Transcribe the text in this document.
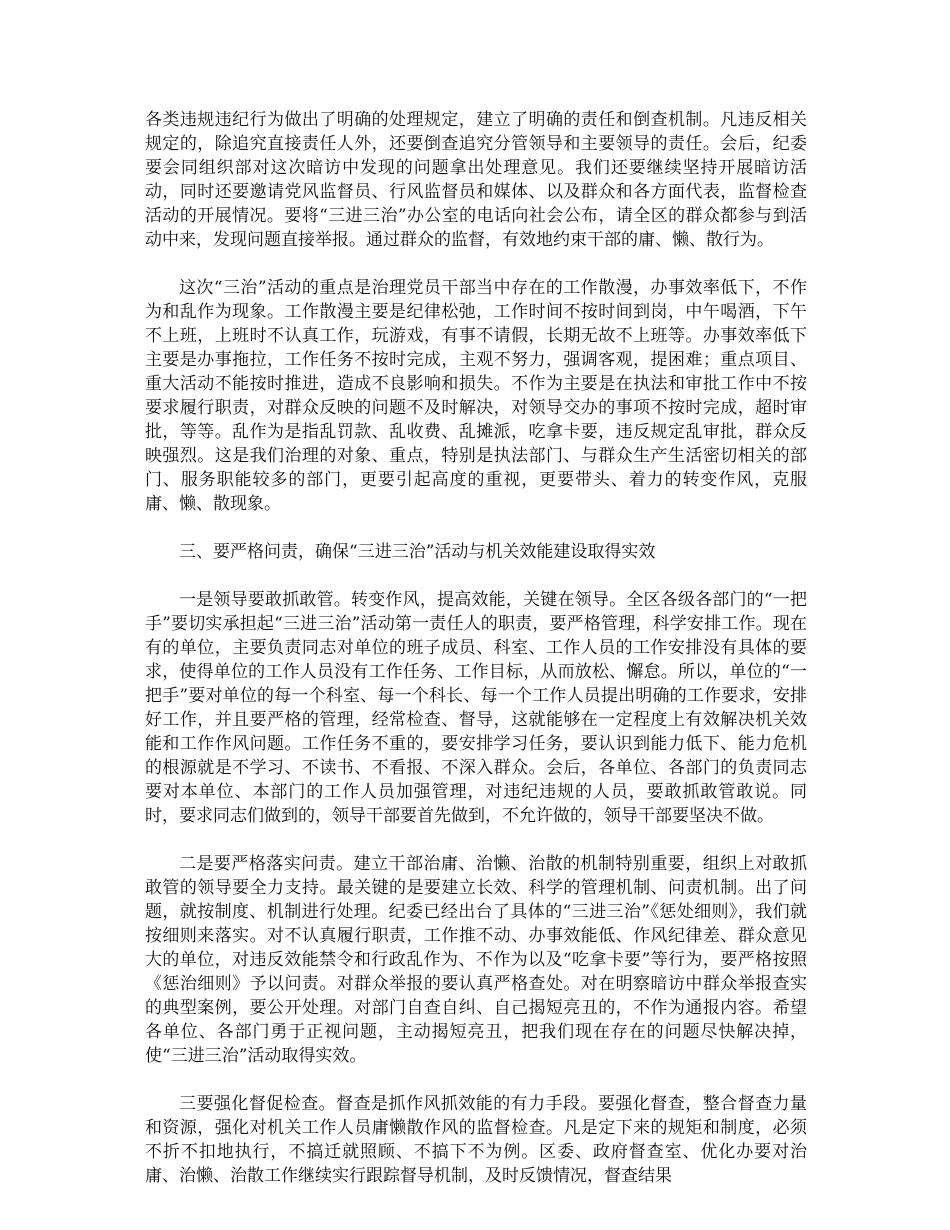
各类违规违纪行为做出了明确的处理规定，建立了明确的责任和倒查机制。凡违反相关规定的，除追究直接责任人外，还要倒查追究分管领导和主要领导的责任。会后，纪委要会同组织部对这次暗访中发现的问题拿出处理意见。我们还要继续坚持开展暗访活动，同时还要邀请党风监督员、行风监督员和媒体、以及群众和各方面代表，监督检查活动的开展情况。要将“三进三治”办公室的电话向社会公布，请全区的群众都参与到活动中来，发现问题直接举报。通过群众的监督，有效地约束干部的庸、懒、散行为。

这次“三治”活动的重点是治理党员干部当中存在的工作散漫，办事效率低下，不作为和乱作为现象。工作散漫主要是纪律松弛，工作时间不按时间到岗，中午喝酒，下午不上班，上班时不认真工作，玩游戏，有事不请假，长期无故不上班等。办事效率低下主要是办事拖拉，工作任务不按时完成，主观不努力，强调客观，提困难；重点项目、重大活动不能按时推进，造成不良影响和损失。不作为主要是在执法和审批工作中不按要求履行职责，对群众反映的问题不及时解决，对领导交办的事项不按时完成，超时审批，等等。乱作为是指乱罚款、乱收费、乱摊派，吃拿卡要，违反规定乱审批，群众反映强烈。这是我们治理的对象、重点，特别是执法部门、与群众生产生活密切相关的部门、服务职能较多的部门，更要引起高度的重视，更要带头、着力的转变作风，克服庸、懒、散现象。

三、要严格问责，确保“三进三治”活动与机关效能建设取得实效

一是领导要敢抓敢管。转变作风，提高效能，关键在领导。全区各级各部门的“一把手”要切实承担起“三进三治”活动第一责任人的职责，要严格管理，科学安排工作。现在有的单位，主要负责同志对单位的班子成员、科室、工作人员的工作安排没有具体的要求，使得单位的工作人员没有工作任务、工作目标，从而放松、懈怠。所以，单位的“一把手”要对单位的每一个科室、每一个科长、每一个工作人员提出明确的工作要求，安排好工作，并且要严格的管理，经常检查、督导，这就能够在一定程度上有效解决机关效能和工作作风问题。工作任务不重的，要安排学习任务，要认识到能力低下、能力危机的根源就是不学习、不读书、不看报、不深入群众。会后，各单位、各部门的负责同志要对本单位、本部门的工作人员加强管理，对违纪违规的人员，要敢抓敢管敢说。同时，要求同志们做到的，领导干部要首先做到，不允许做的，领导干部要坚决不做。

二是要严格落实问责。建立干部治庸、治懒、治散的机制特别重要，组织上对敢抓敢管的领导要全力支持。最关键的是要建立长效、科学的管理机制、问责机制。出了问题，就按制度、机制进行处理。纪委已经出台了具体的“三进三治”《惩处细则》，我们就按细则来落实。对不认真履行职责，工作推不动、办事效能低、作风纪律差、群众意见大的单位，对违反效能禁令和行政乱作为、不作为以及“吃拿卡要”等行为，要严格按照《惩治细则》予以问责。对群众举报的要认真严格查处。对在明察暗访中群众举报查实的典型案例，要公开处理。对部门自查自纠、自己揭短亮丑的，不作为通报内容。希望各单位、各部门勇于正视问题，主动揭短亮丑，把我们现在存在的问题尽快解决掉，使“三进三治”活动取得实效。

三要强化督促检查。督查是抓作风抓效能的有力手段。要强化督查，整合督查力量和资源，强化对机关工作人员庸懒散作风的监督检查。凡是定下来的规矩和制度，必须不折不扣地执行，不搞迁就照顾、不搞下不为例。区委、政府督查室、优化办要对治庸、治懒、治散工作继续实行跟踪督导机制，及时反馈情况，督查结果
